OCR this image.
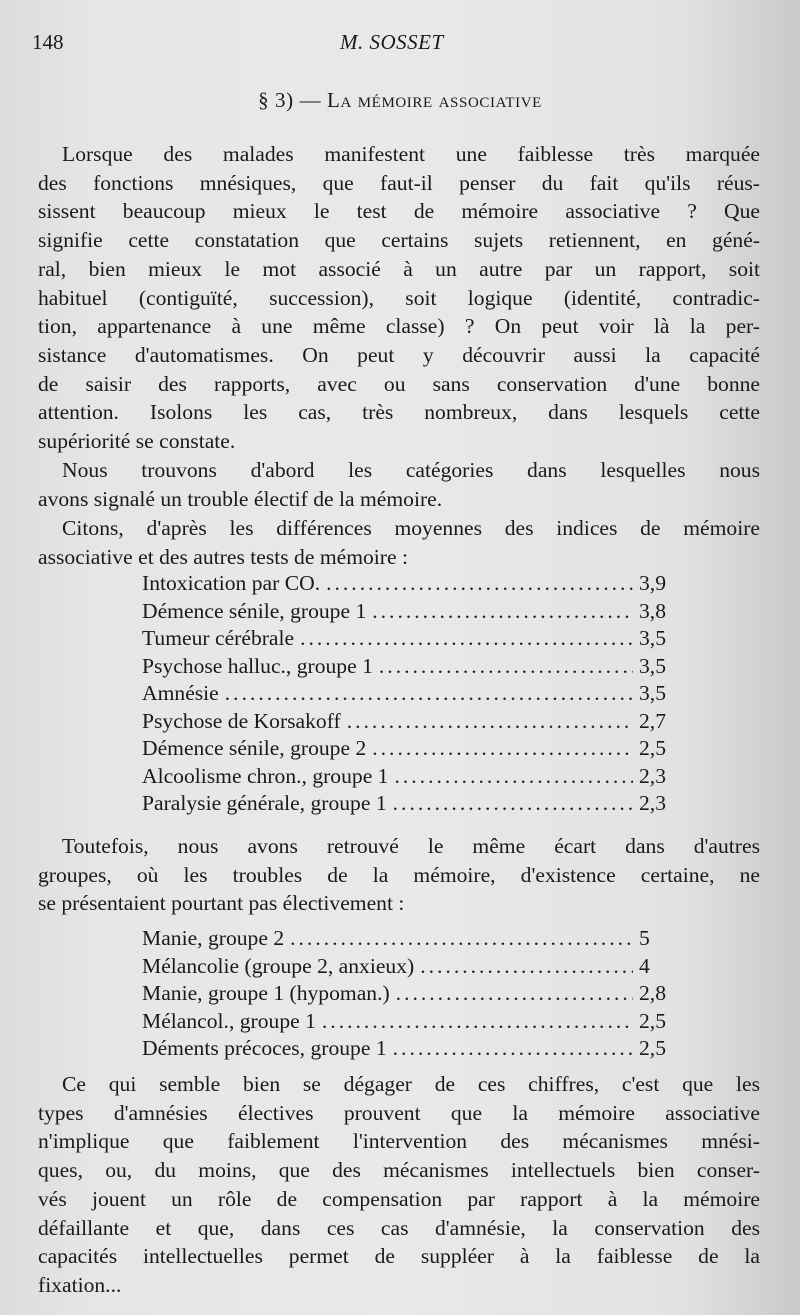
148	M. SOSSET
§ 3) — La mémoire associative
Lorsque des malades manifestent une faiblesse très marquée
des fonctions mnésiques, que faut-il penser du fait qu'ils réus-
sissent beaucoup mieux le test de mémoire associative ? Que
signifie cette constatation que certains sujets retiennent, en géné-
ral, bien mieux le mot associé à un autre par un rapport, soit
habituel (contiguïté, succession), soit logique (identité, contradic-
tion, appartenance à une même classe) ? On peut voir là la per-
sistance d'automatismes. On peut y découvrir aussi la capacité
de saisir des rapports, avec ou sans conservation d'une bonne
attention. Isolons les cas, très nombreux, dans lesquels cette
supériorité se constate.
Nous trouvons d'abord les catégories dans lesquelles nous
avons signalé un trouble électif de la mémoire.
Citons, d'après les différences moyennes des indices de mémoire
associative et des autres tests de mémoire :
Intoxication par CO. .....	3,9
Démence sénile, groupe 1 .....	3,8
Tumeur cérébrale .....	3,5
Psychose halluc., groupe 1 .....	3,5
Amnésie .....	3,5
Psychose de Korsakoff .....	2,7
Démence sénile, groupe 2 .....	2,5
Alcoolisme chron., groupe 1 .....	2,3
Paralysie générale, groupe 1 .....	2,3
Toutefois, nous avons retrouvé le même écart dans d'autres
groupes, où les troubles de la mémoire, d'existence certaine, ne
se présentaient pourtant pas électivement :
Manie, groupe 2 .....	5
Mélancolie (groupe 2, anxieux) .....	4
Manie, groupe 1 (hypoman.) .....	2,8
Mélancol., groupe 1 .....	2,5
Déments précoces, groupe 1 .....	2,5
Ce qui semble bien se dégager de ces chiffres, c'est que les
types d'amnésies électives prouvent que la mémoire associative
n'implique que faiblement l'intervention des mécanismes mnési-
ques, ou, du moins, que des mécanismes intellectuels bien conser-
vés jouent un rôle de compensation par rapport à la mémoire
défaillante et que, dans ces cas d'amnésie, la conservation des
capacités intellectuelles permet de suppléer à la faiblesse de la
fixation...
